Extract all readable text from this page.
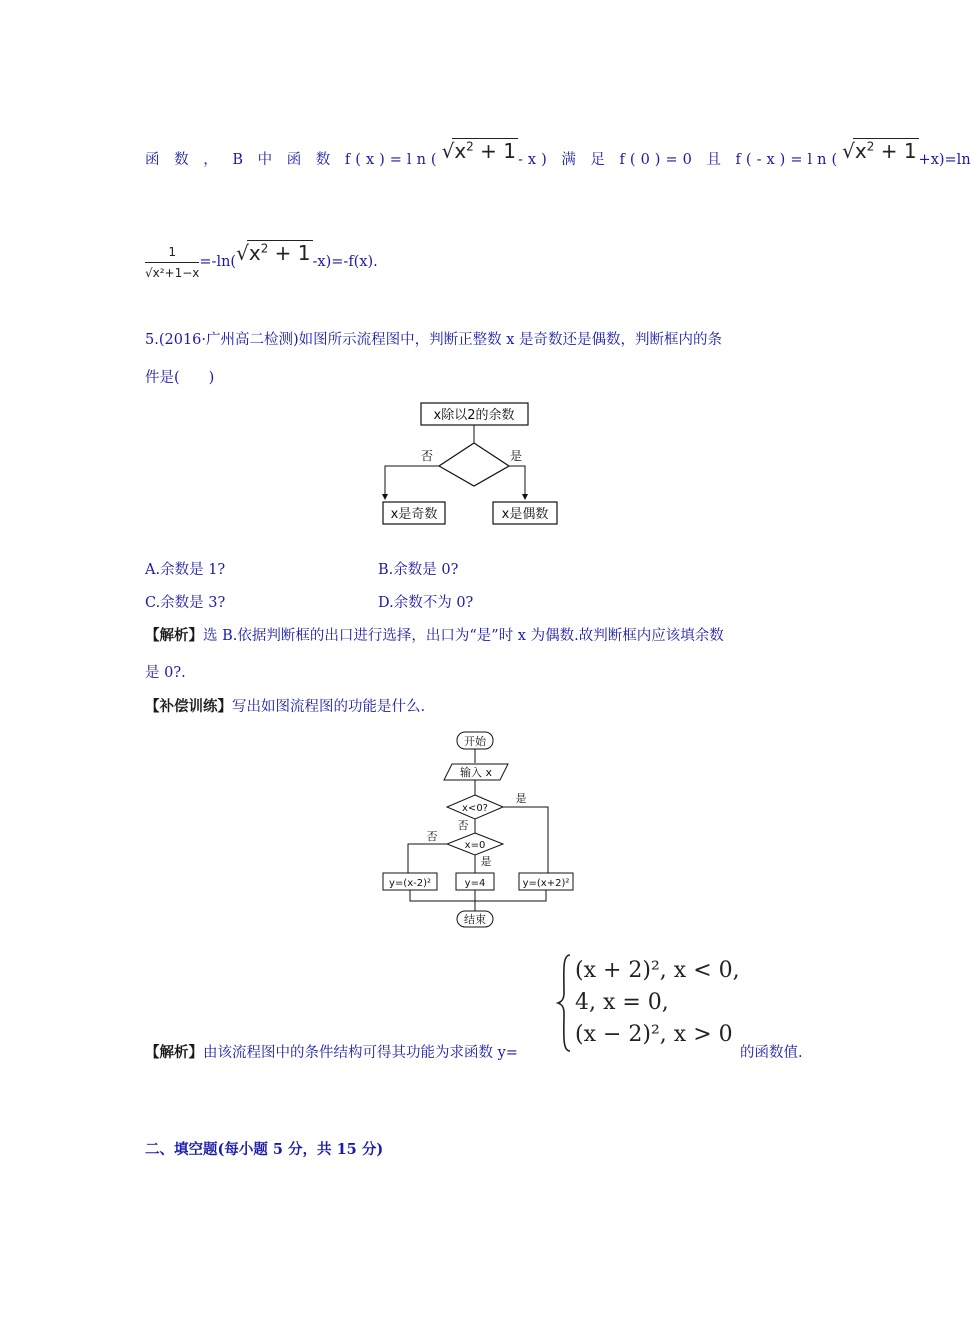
函 数 ， B 中 函 数 $f(x)=\ln(√x^2 + 1$ -x) 满 足 f(0)=0 且 $f(-x)=\ln(√x^2 + 1 +x)=\ln$
$\frac{1}{\text{√x²+1−x}} =-\ln(√x^2 + 1$ -x)=-f(x).
5.(2016·广州高二检测)如图所示流程图中，判断正整数 x 是奇数还是偶数，判断框内的条
件是(　　)
x除以2的余数
否	是
x是奇数	x是偶数
A.余数是 1?	B.余数是 0?
C.余数是 3?	D.余数不为 0?
【解析】选 B.依据判断框的出口进行选择，出口为“是”时 x 为偶数.故判断框内应该填余数
是 0?.
【补偿训练】写出如图流程图的功能是什么.
开始
输入 x
x<0?
是
否
x=0
否
是
y=(x-2)²	y=4	y=(x+2)²
结束
(x + 2)², x < 0,
4, x = 0,
(x − 2)², x > 0
【解析】由该流程图中的条件结构可得其功能为求函数 y=	的函数值.
二、填空题(每小题 5 分，共 15 分)
